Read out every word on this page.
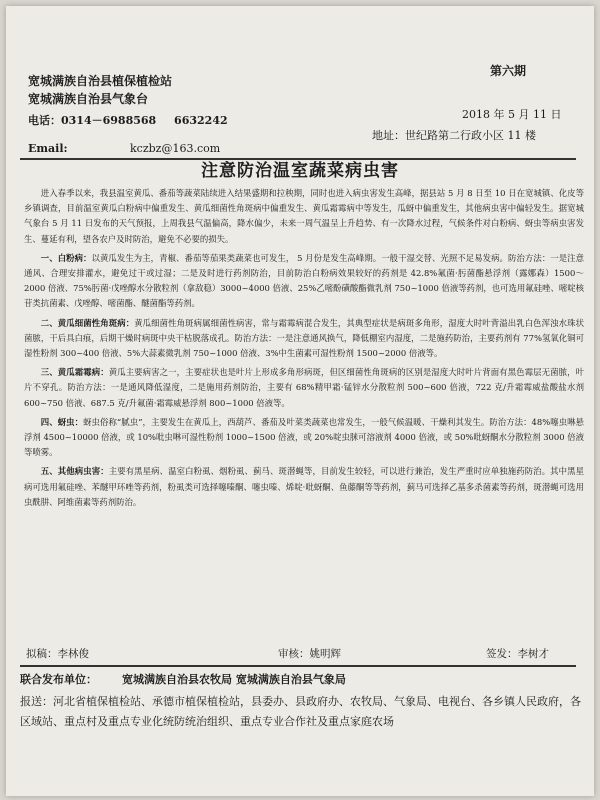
宽城满族自治县植保植检站
宽城满族自治县气象台
第六期
2018 年 5 月 11 日
电话：0314－6988568 6632242
地址：世纪路第二行政小区 11 楼
Email:	kczbz@163.com
注意防治温室蔬菜病虫害

进入春季以来，我县温室黄瓜、番茄等蔬菜陆续进入结果盛期和拉秧期，同时也进入病虫害发生高峰，据县站 5 月 8 日至 10 日在宽城镇、化皮等乡镇调查，目前温室黄瓜白粉病中偏重发生、黄瓜细菌性角斑病中偏重发生、黄瓜霜霉病中等发生，瓜蚜中偏重发生，其他病虫害中偏轻发生。据宽城气象台 5 月 11 日发布的天气预报，上周我县气温偏高，降水偏少，未来一周气温呈上升趋势、有一次降水过程，气候条件对白粉病、蚜虫等病虫害发生、蔓延有利，望各农户及时防治，避免不必要的损失。

一、白粉病：以黄瓜发生为主，青椒、番茄等茄果类蔬菜也可发生， 5 月份是发生高峰期。一般干湿交替、光照不足易发病。防治方法：一是注意通风、合理安排灌水，避免过干或过湿；二是及时进行药剂防治，目前防治白粉病效果较好的药剂是 42.8%氟菌·肟菌酯悬浮剂（露娜森）1500～2000 倍液、75%肟菌·戊唑醇水分散粒剂（拿敌稳）3000~4000 倍液、25%乙嘧酚磺酸酯微乳剂 750~1000 倍液等药剂，也可选用氟硅唑、嘧啶核苷类抗菌素、戊唑醇、嘧菌酯、醚菌酯等药剂。

二、黄瓜细菌性角斑病：黄瓜细菌性角斑病属细菌性病害，常与霜霉病混合发生，其典型症状是病斑多角形，湿度大时叶背溢出乳白色浑浊水珠状菌脓，干后具白痕，后期干燥时病斑中央干枯脱落成孔。防治方法：一是注意通风换气，降低棚室内湿度，二是施药防治，主要药剂有 77%氢氧化铜可湿性粉剂 300~400 倍液、5%大蒜素微乳剂 750~1000 倍液、3%中生菌素可湿性粉剂 1500~2000 倍液等。

三、黄瓜霜霉病：黄瓜主要病害之一，主要症状也是叶片上形成多角形病斑，但区细菌性角斑病的区别是湿度大时叶片背面有黑色霉层无菌脓，叶片不穿孔。防治方法：一是通风降低湿度，二是施用药剂防治，主要有 68%精甲霜·锰锌水分散粒剂 500~600 倍液，722 克/升霜霉威盐酸盐水剂 600~750 倍液、687.5 克/升氟菌·霜霉威悬浮剂 800~1000 倍液等。

四、蚜虫：蚜虫俗称“腻虫”，主要发生在黄瓜上，西葫芦、番茄及叶菜类蔬菜也常发生，一般气候温暖、干燥利其发生。防治方法：48%噻虫啉悬浮剂 4500~10000 倍液，或 10%吡虫啉可湿性粉剂 1000~1500 倍液，或 20%啶虫脒可溶液剂 4000 倍液，或 50%吡蚜酮水分散粒剂 3000 倍液等喷雾。

五、其他病虫害：主要有黑星病、温室白粉虱、烟粉虱、蓟马、斑潜蝇等，目前发生较轻，可以进行兼治，发生严重时应单独施药防治。其中黑星病可选用氟硅唑、苯醚甲环唑等药剂，粉虱类可选择噻嗪酮、噻虫嗪、烯啶·吡蚜酮、鱼藤酮等等药剂，蓟马可选择乙基多杀菌素等药剂，斑潜蝇可选用虫酰肼、阿维菌素等药剂防治。

拟稿：李林俊	审核：姚明辉	签发：李树才
联合发布单位： 宽城满族自治县农牧局 宽城满族自治县气象局
报送：河北省植保植检站、承德市植保植检站，县委办、县政府办、农牧局、气象局、电视台、各乡镇人民政府，各区域站、重点村及重点专业化统防统治组织、重点专业合作社及重点家庭农场
